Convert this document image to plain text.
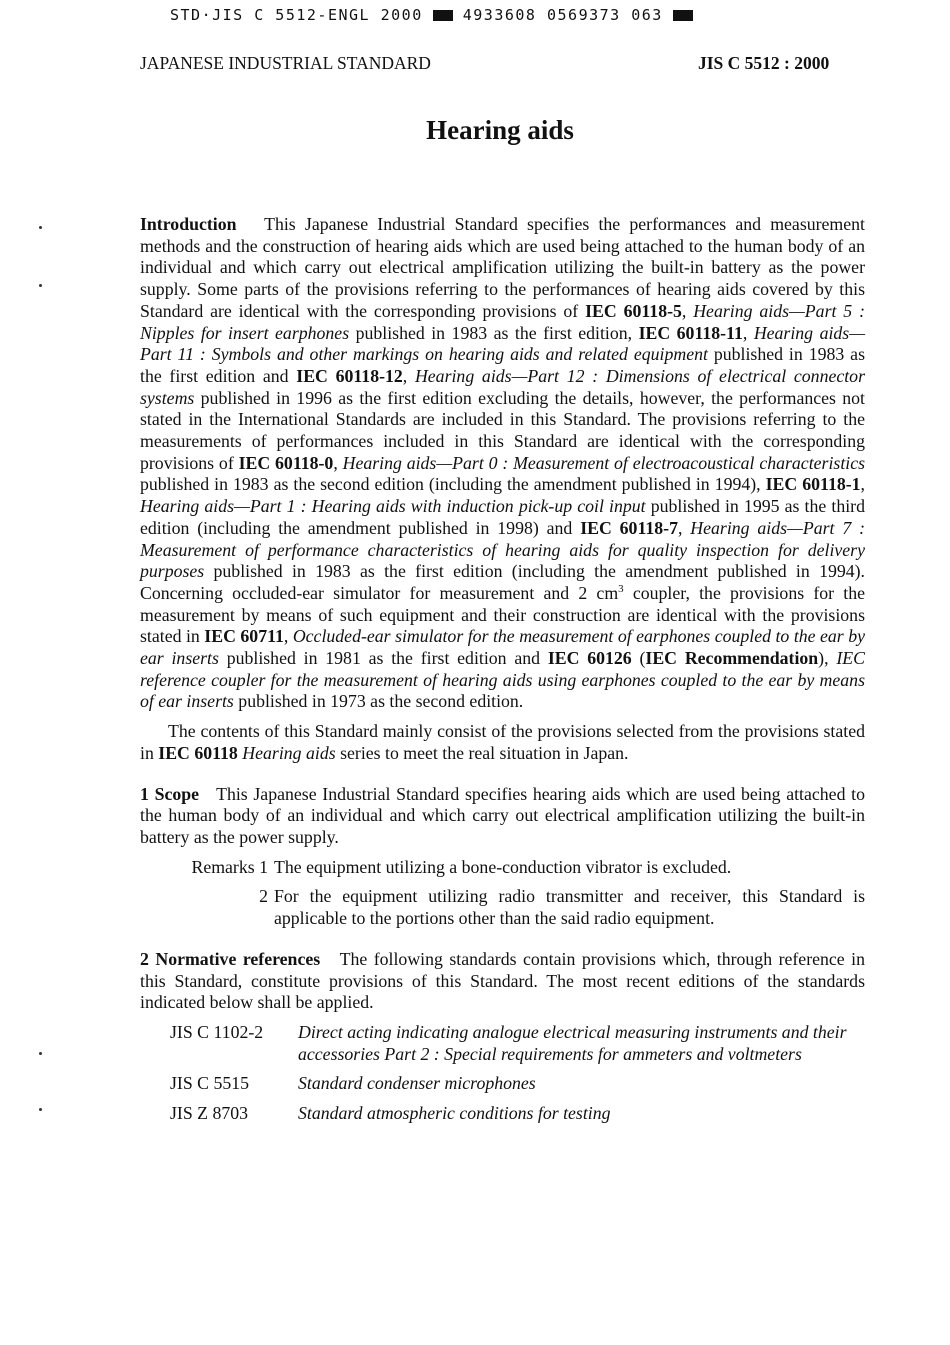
STD·JIS C 5512-ENGL 2000	4933608 0569373 063
JAPANESE INDUSTRIAL STANDARD	JIS C 5512 : 2000
Hearing aids

Introduction This Japanese Industrial Standard specifies the performances and measurement methods and the construction of hearing aids which are used being attached to the human body of an individual and which carry out electrical amplification utilizing the built-in battery as the power supply. Some parts of the provisions referring to the performances of hearing aids covered by this Standard are identical with the corresponding provisions of IEC 60118-5, Hearing aids—Part 5 : Nipples for insert earphones published in 1983 as the first edition, IEC 60118-11, Hearing aids—Part 11 : Symbols and other markings on hearing aids and related equipment published in 1983 as the first edition and IEC 60118-12, Hearing aids—Part 12 : Dimensions of electrical connector systems published in 1996 as the first edition excluding the details, however, the performances not stated in the International Standards are included in this Standard. The provisions referring to the measurements of performances included in this Standard are identical with the corresponding provisions of IEC 60118-0, Hearing aids—Part 0 : Measurement of electroacoustical characteristics published in 1983 as the second edition (including the amendment published in 1994), IEC 60118-1, Hearing aids—Part 1 : Hearing aids with induction pick-up coil input published in 1995 as the third edition (including the amendment published in 1998) and IEC 60118-7, Hearing aids—Part 7 : Measurement of performance characteristics of hearing aids for quality inspection for delivery purposes published in 1983 as the first edition (including the amendment published in 1994). Concerning occluded-ear simulator for measurement and 2 $cm^3$ coupler, the provisions for the measurement by means of such equipment and their construction are identical with the provisions stated in IEC 60711, Occluded-ear simulator for the measurement of earphones coupled to the ear by ear inserts published in 1981 as the first edition and IEC 60126 (IEC Recommendation), IEC reference coupler for the measurement of hearing aids using earphones coupled to the ear by means of ear inserts published in 1973 as the second edition.

The contents of this Standard mainly consist of the provisions selected from the provisions stated in IEC 60118 Hearing aids series to meet the real situation in Japan.

1 Scope This Japanese Industrial Standard specifies hearing aids which are used being attached to the human body of an individual and which carry out electrical amplification utilizing the built-in battery as the power supply.

Remarks 1 The equipment utilizing a bone-conduction vibrator is excluded.
2 For the equipment utilizing radio transmitter and receiver, this Standard is applicable to the portions other than the said radio equipment.

2 Normative references The following standards contain provisions which, through reference in this Standard, constitute provisions of this Standard. The most recent editions of the standards indicated below shall be applied.

JIS C 1102-2	Direct acting indicating analogue electrical measuring instruments and their accessories Part 2 : Special requirements for ammeters and voltmeters
JIS C 5515	Standard condenser microphones
JIS Z 8703	Standard atmospheric conditions for testing
